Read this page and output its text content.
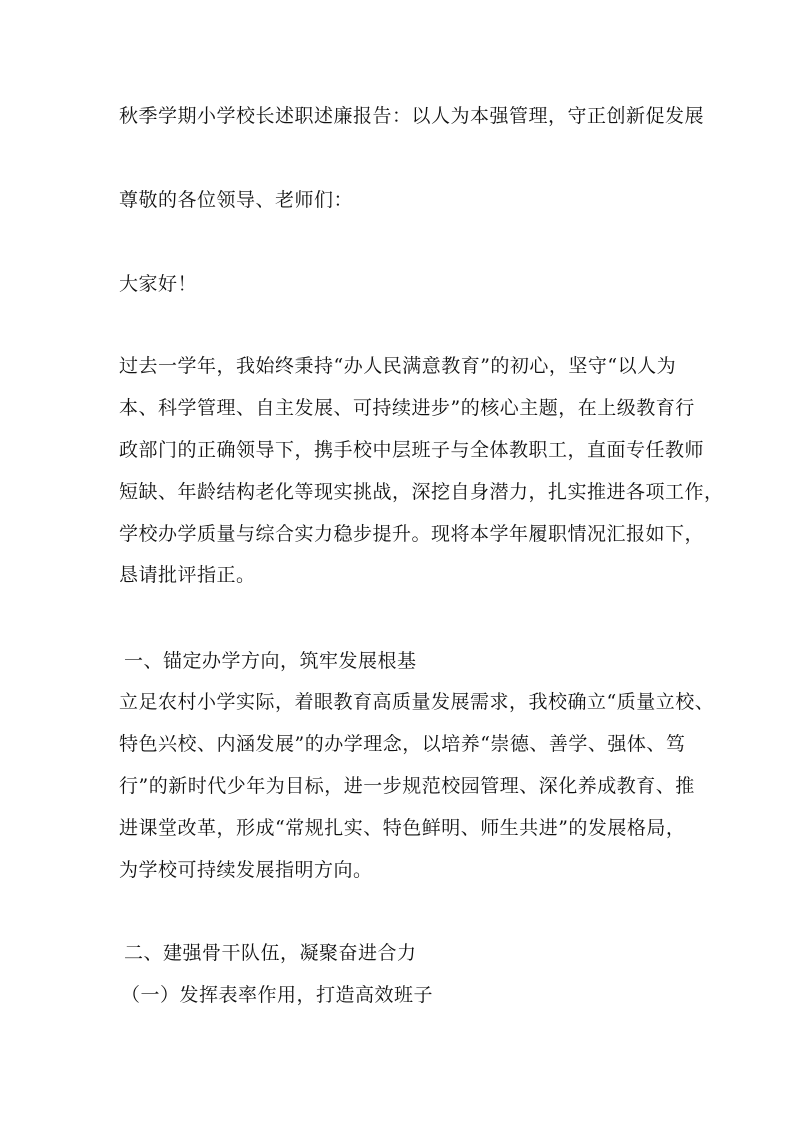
秋季学期小学校长述职述廉报告：以人为本强管理，守正创新促发展
尊敬的各位领导、老师们：
大家好！
过去一学年，我始终秉持“办人民满意教育”的初心，坚守“以人为
本、科学管理、自主发展、可持续进步”的核心主题，在上级教育行
政部门的正确领导下，携手校中层班子与全体教职工，直面专任教师
短缺、年龄结构老化等现实挑战，深挖自身潜力，扎实推进各项工作，
学校办学质量与综合实力稳步提升。现将本学年履职情况汇报如下，
恳请批评指正。
一、锚定办学方向，筑牢发展根基
立足农村小学实际，着眼教育高质量发展需求，我校确立“质量立校、
特色兴校、内涵发展”的办学理念，以培养“崇德、善学、强体、笃
行”的新时代少年为目标，进一步规范校园管理、深化养成教育、推
进课堂改革，形成“常规扎实、特色鲜明、师生共进”的发展格局，
为学校可持续发展指明方向。
二、建强骨干队伍，凝聚奋进合力
（一）发挥表率作用，打造高效班子
